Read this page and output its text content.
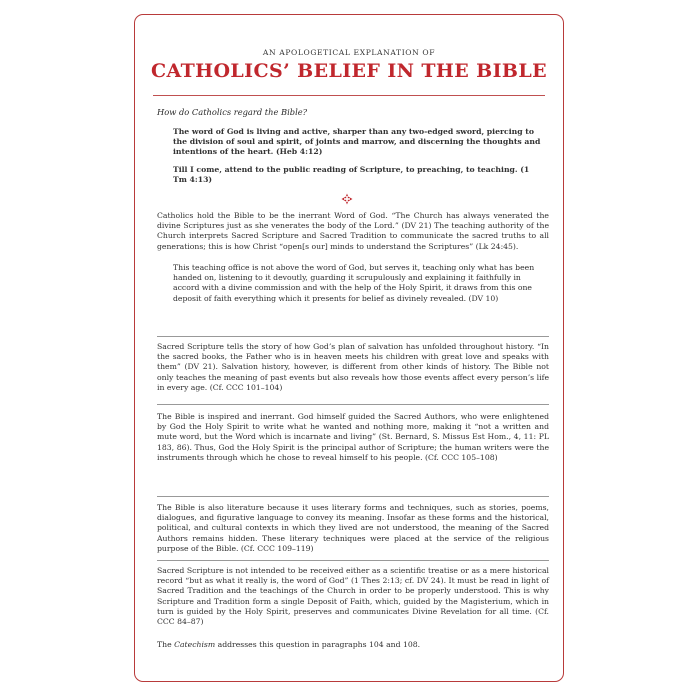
AN APOLOGETICAL EXPLANATION OF
CATHOLICS’ BELIEF IN THE BIBLE
How do Catholics regard the Bible?
The word of God is living and active, sharper than any two-edged sword, piercing to the division of soul and spirit, of joints and marrow, and discerning the thoughts and intentions of the heart. (Heb 4:12)
Till I come, attend to the public reading of Scripture, to preaching, to teaching. (1 Tm 4:13)
Catholics hold the Bible to be the inerrant Word of God. “The Church has always venerated the divine Scriptures just as she venerates the body of the Lord.” (DV 21) The teaching authority of the Church interprets Sacred Scripture and Sacred Tradition to communicate the sacred truths to all generations; this is how Christ “open[s our] minds to understand the Scriptures” (Lk 24:45).
This teaching office is not above the word of God, but serves it, teaching only what has been handed on, listening to it devoutly, guarding it scrupulously and explaining it faithfully in accord with a divine commission and with the help of the Holy Spirit, it draws from this one deposit of faith everything which it presents for belief as divinely revealed. (DV 10)
Sacred Scripture tells the story of how God’s plan of salvation has unfolded throughout history. “In the sacred books, the Father who is in heaven meets his children with great love and speaks with them” (DV 21). Salvation history, however, is different from other kinds of history. The Bible not only teaches the meaning of past events but also reveals how those events affect every person’s life in every age. (Cf. CCC 101–104)
The Bible is inspired and inerrant. God himself guided the Sacred Authors, who were enlightened by God the Holy Spirit to write what he wanted and nothing more, making it “not a written and mute word, but the Word which is incarnate and living” (St. Bernard, S. Missus Est Hom., 4, 11: PL 183, 86). Thus, God the Holy Spirit is the principal author of Scripture; the human writers were the instruments through which he chose to reveal himself to his people. (Cf. CCC 105–108)
The Bible is also literature because it uses literary forms and techniques, such as stories, poems, dialogues, and figurative language to convey its meaning. Insofar as these forms and the historical, political, and cultural contexts in which they lived are not understood, the meaning of the Sacred Authors remains hidden. These literary techniques were placed at the service of the religious purpose of the Bible. (Cf. CCC 109–119)
Sacred Scripture is not intended to be received either as a scientific treatise or as a mere historical record “but as what it really is, the word of God” (1 Thes 2:13; cf. DV 24). It must be read in light of Sacred Tradition and the teachings of the Church in order to be properly understood. This is why Scripture and Tradition form a single Deposit of Faith, which, guided by the Magisterium, which in turn is guided by the Holy Spirit, preserves and communicates Divine Revelation for all time. (Cf. CCC 84–87)
The Catechism addresses this question in paragraphs 104 and 108.
